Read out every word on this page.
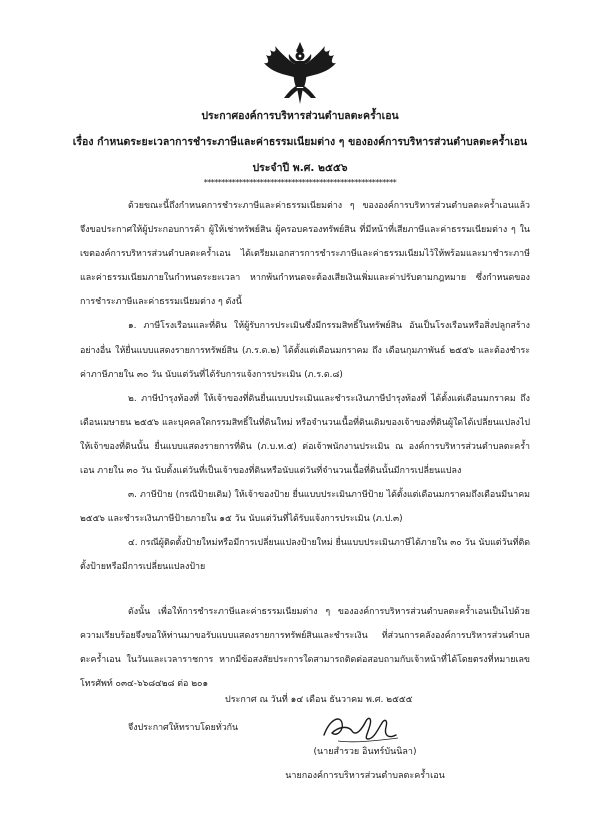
ประกาศองค์การบริหารส่วนตำบลตะคร้ำเอน
เรื่อง กำหนดระยะเวลาการชำระภาษีและค่าธรรมเนียมต่าง ๆ ขององค์การบริหารส่วนตำบลตะคร้ำเอน
ประจำปี พ.ศ. ๒๕๕๖
*******************************************************

ด้วยขณะนี้ถึงกำหนดการชำระภาษีและค่าธรรมเนียมต่าง ๆ ขององค์การบริหารส่วนตำบลตะคร้ำเอนแล้ว จึงขอประกาศให้ผู้ประกอบการค้า ผู้ให้เช่าทรัพย์สิน ผู้ครอบครองทรัพย์สิน ที่มีหน้าที่เสียภาษีและค่าธรรมเนียมต่าง ๆ ในเขตองค์การบริหารส่วนตำบลตะคร้ำเอน ได้เตรียมเอกสารการชำระภาษีและค่าธรรมเนียมไว้ให้พร้อมและมาชำระภาษีและค่าธรรมเนียมภายในกำหนดระยะเวลา หากพ้นกำหนดจะต้องเสียเงินเพิ่มและค่าปรับตามกฎหมาย ซึ่งกำหนดของการชำระภาษีและค่าธรรมเนียมต่าง ๆ ดังนี้

๑. ภาษีโรงเรือนและที่ดิน ให้ผู้รับการประเมินซึ่งมีกรรมสิทธิ์ในทรัพย์สิน อันเป็นโรงเรือนหรือสิ่งปลูกสร้างอย่างอื่น ให้ยื่นแบบแสดงรายการทรัพย์สิน (ภ.ร.ด.๒) ได้ตั้งแต่เดือนมกราคม ถึง เดือนกุมภาพันธ์ ๒๕๕๖ และต้องชำระค่าภาษีภายใน ๓๐ วัน นับแต่วันที่ได้รับการแจ้งการประเมิน (ภ.ร.ด.๘)

๒. ภาษีบำรุงท้องที่ ให้เจ้าของที่ดินยื่นแบบประเมินและชำระเงินภาษีบำรุงท้องที่ ได้ตั้งแต่เดือนมกราคม ถึง เดือนเมษายน ๒๕๕๖ และบุคคลใดกรรมสิทธิ์ในที่ดินใหม่ หรือจำนวนเนื้อที่ดินเดิมของเจ้าของที่ดินผู้ใดได้เปลี่ยนแปลงไป ให้เจ้าของที่ดินนั้น ยื่นแบบแสดงรายการที่ดิน (ภ.บ.ท.๕) ต่อเจ้าพนักงานประเมิน ณ องค์การบริหารส่วนตำบลตะคร้ำเอน ภายใน ๓๐ วัน นับตั้งแต่วันที่เป็นเจ้าของที่ดินหรือนับแต่วันที่จำนวนเนื้อที่ดินนั้นมีการเปลี่ยนแปลง

๓. ภาษีป้าย (กรณีป้ายเดิม) ให้เจ้าของป้าย ยื่นแบบประเมินภาษีป้าย ได้ตั้งแต่เดือนมกราคมถึงเดือนมีนาคม ๒๕๕๖ และชำระเงินภาษีป้ายภายใน ๑๕ วัน นับแต่วันที่ได้รับแจ้งการประเมิน (ภ.ป.๓)

๔. กรณีผู้ติดตั้งป้ายใหม่หรือมีการเปลี่ยนแปลงป้ายใหม่ ยื่นแบบประเมินภาษีได้ภายใน ๓๐ วัน นับแต่วันที่ติดตั้งป้ายหรือมีการเปลี่ยนแปลงป้าย

ดังนั้น เพื่อให้การชำระภาษีและค่าธรรมเนียมต่าง ๆ ขององค์การบริหารส่วนตำบลตะคร้ำเอนเป็นไปด้วยความเรียบร้อยจึงขอให้ท่านมาขอรับแบบแสดงรายการทรัพย์สินและชำระเงิน ที่ส่วนการคลังองค์การบริหารส่วนตำบลตะคร้ำเอน ในวันและเวลาราชการ หากมีข้อสงสัยประการใดสามารถติดต่อสอบถามกับเจ้าหน้าที่ได้โดยตรงที่หมายเลขโทรศัพท์ ๐๓๔-๖๖๘๔๒๘ ต่อ ๒๐๑

จึงประกาศให้ทราบโดยทั่วกัน

ประกาศ ณ วันที่ ๑๔ เดือน ธันวาคม พ.ศ. ๒๕๕๕
(นายสำรวย อินทร์บันนิลา)
นายกองค์การบริหารส่วนตำบลตะคร้ำเอน
